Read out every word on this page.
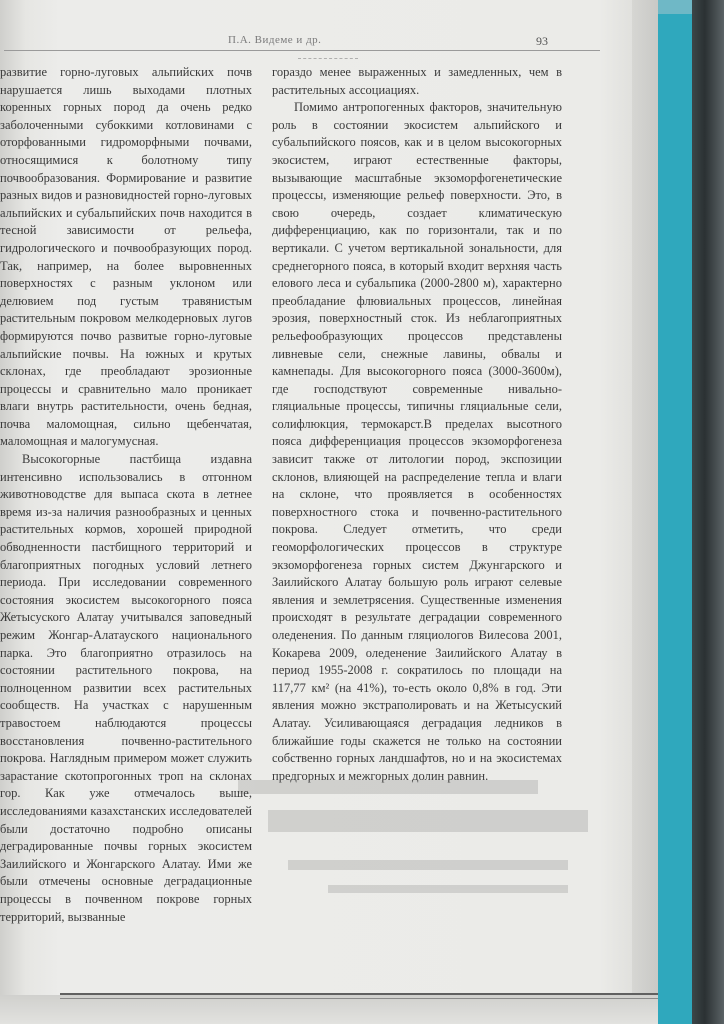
П.А. Видеме и др.	93

развитие горно-луговых альпийских почв нарушается лишь выходами плотных коренных горных пород да очень редко заболоченными субоккими котловинами с оторфованными гидроморфными почвами, относящимися к болотному типу почвообразования. Формирование и развитие разных видов и разновидностей горно-луговых альпийских и субальпийских почв находится в тесной зависимости от рельефа, гидрологического и почвообразующих пород. Так, например, на более выровненных поверхностях с разным уклоном или делювием под густым травянистым растительным покровом мелкодерновых лугов формируются почво развитые горно-луговые альпийские почвы. На южных и крутых склонах, где преобладают эрозионные процессы и сравнительно мало проникает влаги внутрь растительности, очень бедная, почва маломощная, сильно щебенчатая, маломощная и малогумусная.

Высокогорные пастбища издавна интенсивно использовались в отгонном животноводстве для выпаса скота в летнее время из-за наличия разнообразных и ценных растительных кормов, хорошей природной обводненности пастбищного территорий и благоприятных погодных условий летнего периода. При исследовании современного состояния экосистем высокогорного пояса Жетысуского Алатау учитывался заповедный режим Жонгар-Алатауского национального парка. Это благоприятно отразилось на состоянии растительного покрова, на полноценном развитии всех растительных сообществ. На участках с нарушенным травостоем наблюдаются процессы восстановления почвенно-растительного покрова. Наглядным примером может служить зарастание скотопрогонных троп на склонах гор. Как уже отмечалось выше, исследованиями казахстанских исследователей были достаточно подробно описаны деградированные почвы горных экосистем Заилийского и Жонгарского Алатау. Ими же были отмечены основные деградационные процессы в почвенном покрове горных территорий, вызванные

гораздо менее выраженных и замедленных, чем в растительных ассоциациях.

Помимо антропогенных факторов, значительную роль в состоянии экосистем альпийского и субальпийского поясов, как и в целом высокогорных экосистем, играют естественные факторы, вызывающие масштабные экзоморфогенетические процессы, изменяющие рельеф поверхности. Это, в свою очередь, создает климатическую дифференциацию, как по горизонтали, так и по вертикали. С учетом вертикальной зональности, для среднегорного пояса, в который входит верхняя часть елового леса и субальпика (2000-2800 м), характерно преобладание флювиальных процессов, линейная эрозия, поверхностный сток. Из неблагоприятных рельефообразующих процессов представлены ливневые сели, снежные лавины, обвалы и камнепады. Для высокогорного пояса (3000-3600м), где господствуют современные нивально-гляциальные процессы, типичны гляциальные сели, солифлюкция, термокарст.В пределах высотного пояса дифференциация процессов экзоморфогенеза зависит также от литологии пород, экспозиции склонов, влияющей на распределение тепла и влаги на склоне, что проявляется в особенностях поверхностного стока и почвенно-растительного покрова. Следует отметить, что среди геоморфологических процессов в структуре экзоморфогенеза горных систем Джунгарского и Заилийского Алатау большую роль играют селевые явления и землетрясения. Существенные изменения происходят в результате деградации современного оледенения. По данным гляциологов Вилесова 2001, Кокарева 2009, оледенение Заилийского Алатау в период 1955-2008 г. сократилось по площади на 117,77 км² (на 41%), то-есть около 0,8% в год. Эти явления можно экстраполировать и на Жетысуский Алатау. Усиливающаяся деградация ледников в ближайшие годы скажется не только на состоянии собственно горных ландшафтов, но и на экосистемах предгорных и межгорных долин равнин.
